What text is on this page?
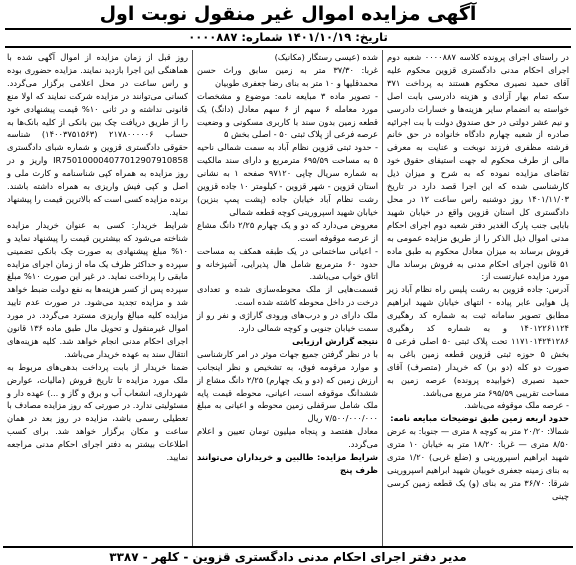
آگهی مزایده اموال غیر منقول نوبت اول
تاریخ: ۱۴۰۱/۱۰/۱۹ شماره: ۰۰۰۰۸۸۷

در راستای اجرای پرونده کلاسه ۰۰۰۰۸۸۷ شعبه دوم اجرای احکام مدنی دادگستری قزوین محکوم علیه آقای حمید نصیری محکوم هستند به پرداخت ۳۷۱ سکه تمام بهار آزادی و هزینه دادرسی بابت اصل خواسته به انضمام سایر هزینه‌ها و خسارات دادرسی و نیم عشر دولتی در حق صندوق دولت با بت اجرائیه صادره از شعبه چهارم دادگاه خانواده در حق خانم فرشته مظفری فرزند نوبخت و عنایت به معرفی مالی از طرف محکوم له جهت استیفای حقوق خود تقاضای مزایده نموده که به شرح و میزان ذیل کارشناسی شده که این اجرا قصد دارد در تاریخ ۱۴۰۱/۱۱/۰۳ روز دوشنبه راس ساعت ۱۲ در محل دادگستری کل استان قزوین واقع در خیابان شهید بابایی جنب پارک الغدیر دفتر شعبه دوم اجرای احکام مدنی اموال ذیل الذکر را از طریق مزایده عمومی به فروش برساند به میزان معادل محکوم به طبق ماده ۵۱ قانون اجرای احکام مدنی به فروش برساند مال مورد مزایده عبارتست از:

آدرس: جاده قزوین به رشت پلیس راه نظام آباد زیر پل هوایی عابر پیاده - انتهای خیابان شهید ابراهیم مطابق تصویر سامانه ثبت به شماره کد رهگیری ۱۴۰۱۲۲۶۱۱۲۴ و به شماره کد رهگیری ۱۱۷۱۰۱۴۲۴۱۲۸۶ تحت پلاک ثبتی ۵۰ اصلی فرعی ۵ بخش ۵ حوزه ثبتی قزوین قطعه زمین باغی به صورت دو کله (دو بر) که خریدار (متصرف) آقای حمید نصیری (خوابیده پرونده) عرصه زمین به مساحت تقریبی ۶۹۵/۵۹ متر مربع می‌باشد.

- عرصه ملک موقوفه می‌باشد.

حدود اربعه زمین طبق توضیحات مبایعه نامه:

شمالا: ۲۰/۲۰ متر به کوچه ۸ متری — جنوبا: به عرض ۸/۵۰ متری — غربا: ۱۸/۲۰ متر به خیابان ۱۰ متری شهید ابراهیم اسپرورینی و (ضلع غربی) ۱/۲۰ متری به بنای زمینه جعفری خوبیان شهید ابراهیم اسپرورینی

شرقا: ۳۶/۷۰ متر به بنای (و) یک قطعه زمین کرسی چینی

شده (عیسی رستگار (مکانیک)

غربا: ۳۷/۳۰ متر به زمین سابق وراث حسن محمدقلیها و ۱۰ متر به بنای رضا جعفری طوبیان

- تصویر ماده ۳ مبایعه نامه: موضوع و مشخصات مورد معامله ۶ سهم از ۶ سهم معادل (دانگ) یک قطعه زمین بدون سند با کاربری مسکونی و وضعیت عرصه فرعی از پلاک ثبتی ۵۰ - اصلی بخش ۵

- حدود ثبتی قزوین نظام آباد به سمت شمالی ناحیه ۵ به مساحت ۶۹۵/۵۹ مترمربع و دارای سند مالکیت به شماره سریال چاپی ۹۷۱۲۰ صفحه ۱ به نشانی استان قزوین - شهر قزوین - کیلومتر ۱۰ جاده قزوین رشت نظام آباد خیابان جاده (پشت پمپ بنزین) خیابان شهید اسپرورینی کوچه قطعه شمالی

معروض می‌دارد که دو و یک چهارم ۲/۲۵ دانگ مشاع از عرصه موقوفه است.

- اعیانی ساختمانی در یک طبقه همکف به مساحت حدود ۶۰ مترمربع شامل هال پذیرایی، آشپزخانه و اتاق خواب می‌باشد.

قسمت‌هایی از ملک محوطه‌سازی شده و تعدادی درخت در داخل محوطه کاشته شده است.

ملک دارای در و درب‌های ورودی گاراژی و نفر رو از سمت خیابان جنوبی و کوچه شمالی دارد.

نتیجه گزارش ارزیابی

با در نظر گرفتن جمیع جهات موثر در امر کارشناسی و موارد مرقومه فوق، به تشخیص و نظر اینجانب ارزش زمین که (دو و یک چهارم) ۲/۲۵ دانگ مشاع از ششدانگ موقوفه است، اعیانی، محوطه قیمت پایه ملک شامل سرقفلی زمین محوطه و اعیانی به مبلغ ۷/۵۰۰/۰۰۰/۰۰۰ ریال

معادل هفتصد و پنجاه میلیون تومان تعیین و اعلام می‌گردد.

شرایط مزایده: طالبین و خریداران می‌توانند ظرف پنج

روز قبل از زمان مزایده از اموال آگهی شده با هماهنگی این اجرا بازدید نمایند. مزایده حضوری بوده و راس ساعت در محل اعلامی برگزار می‌گردد. کسانی می‌توانند در مزایده شرکت نمایند که اولا منع قانونی نداشته و در ثانی ۱۰% قیمت پیشنهادی خود را از طریق دریافت چک بین بانکی از کلیه بانک‌ها به حساب ۲۱۷۸۰۰۰۰۰۶ (۱۴۰۰۳۷۵۱۵۶۳) شناسه حقوقی دادگستری قزوین و شماره شبای دادگستری IR750100004077012907910858 واریز و در روز مزایده به همراه کپی شناسنامه و کارت ملی و اصل و کپی فیش واریزی به همراه داشته باشند. برنده مزایده کسی است که بالاترین قیمت را پیشنهاد نماید.

شرایط خریدار: کسی به عنوان خریدار مزایده شناخته می‌شود که بیشترین قیمت را پیشنهاد نماید و ۱۰% مبلغ پیشنهادی به صورت چک بانکی تضمینی سپرده و حداکثر ظرف یک ماه از زمان اجرای مزایده مابقی را پرداخت نماید. در غیر این صورت ۱۰% مبلغ سپرده پس از کسر هزینه‌ها به نفع دولت ضبط خواهد شد و مزایده تجدید می‌شود. در صورت عدم تایید مزایده کلیه مبالغ واریزی مسترد می‌گردد. در مورد اموال غیرمنقول و تحویل مال طبق ماده ۱۳۶ قانون اجرای احکام مدنی انجام خواهد شد. کلیه هزینه‌های انتقال سند به عهده خریدار می‌باشد.

ضمنا خریدار از بابت پرداخت بدهی‌های مربوط به ملک مورد مزایده تا تاریخ فروش (مالیات، عوارض شهرداری، انشعاب آب و برق و گاز و ...) عهده دار و مسئولیتی ندارد. در صورتی که روز مزایده مصادف با تعطیلی رسمی باشد، مزایده در روز بعد در همان ساعت و مکان برگزار خواهد شد. برای کسب اطلاعات بیشتر به دفتر اجرای احکام مدنی مراجعه نمایید.

مدیر دفتر اجرای احکام مدنی دادگستری قزوین - کلهر - ۳۳۸۷
